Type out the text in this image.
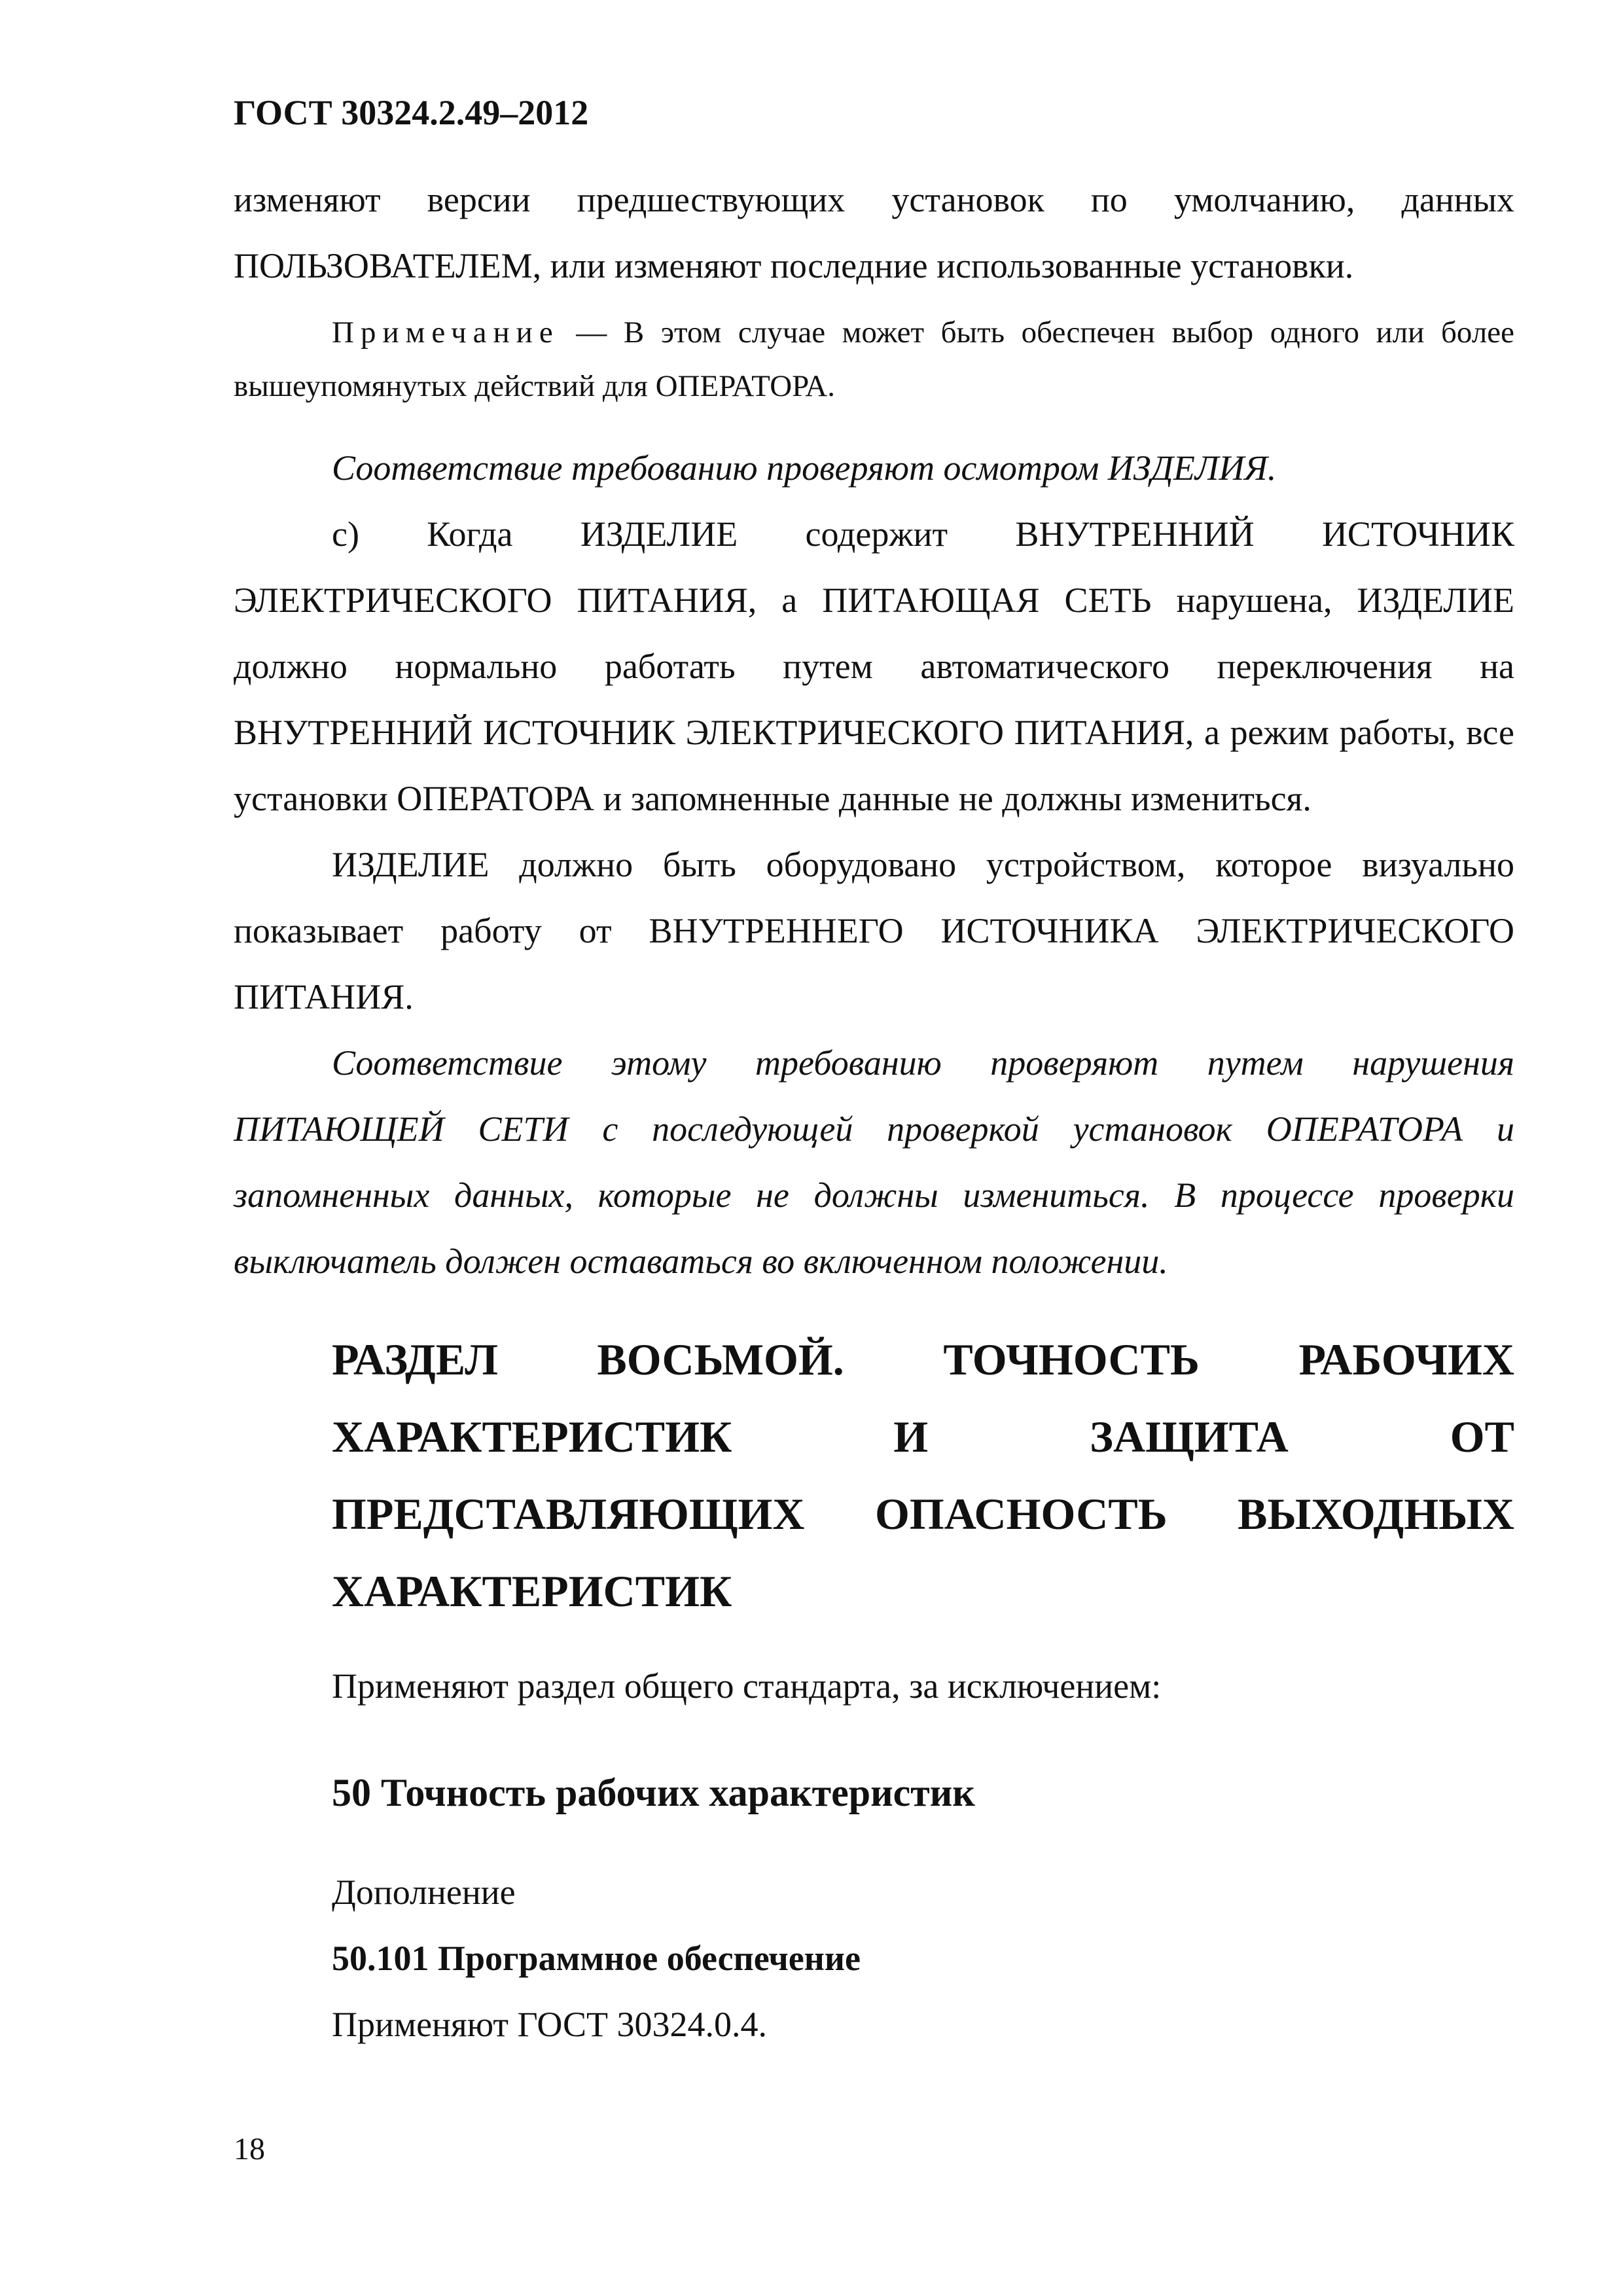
ГОСТ 30324.2.49–2012

изменяют версии предшествующих установок по умолчанию, данных ПОЛЬЗОВАТЕЛЕМ, или изменяют последние использованные установки.

Примечание — В этом случае может быть обеспечен выбор одного или более вышеупомянутых действий для ОПЕРАТОРА.

Соответствие требованию проверяют осмотром ИЗДЕЛИЯ.

c) Когда ИЗДЕЛИЕ содержит ВНУТРЕННИЙ ИСТОЧНИК ЭЛЕКТРИЧЕСКОГО ПИТАНИЯ, а ПИТАЮЩАЯ СЕТЬ нарушена, ИЗДЕЛИЕ должно нормально работать путем автоматического переключения на ВНУТРЕННИЙ ИСТОЧНИК ЭЛЕКТРИЧЕСКОГО ПИТАНИЯ, а режим работы, все установки ОПЕРАТОРА и запомненные данные не должны измениться.

ИЗДЕЛИЕ должно быть оборудовано устройством, которое визуально показывает работу от ВНУТРЕННЕГО ИСТОЧНИКА ЭЛЕКТРИЧЕСКОГО ПИТАНИЯ.

Соответствие этому требованию проверяют путем нарушения ПИТАЮЩЕЙ СЕТИ с последующей проверкой установок ОПЕРАТОРА и запомненных данных, которые не должны измениться. В процессе проверки выключатель должен оставаться во включенном положении.

РАЗДЕЛ ВОСЬМОЙ. ТОЧНОСТЬ РАБОЧИХ ХАРАКТЕРИСТИК И ЗАЩИТА ОТ ПРЕДСТАВЛЯЮЩИХ ОПАСНОСТЬ ВЫХОДНЫХ ХАРАКТЕРИСТИК

Применяют раздел общего стандарта, за исключением:

50 Точность рабочих характеристик

Дополнение

50.101 Программное обеспечение

Применяют ГОСТ 30324.0.4.

18
